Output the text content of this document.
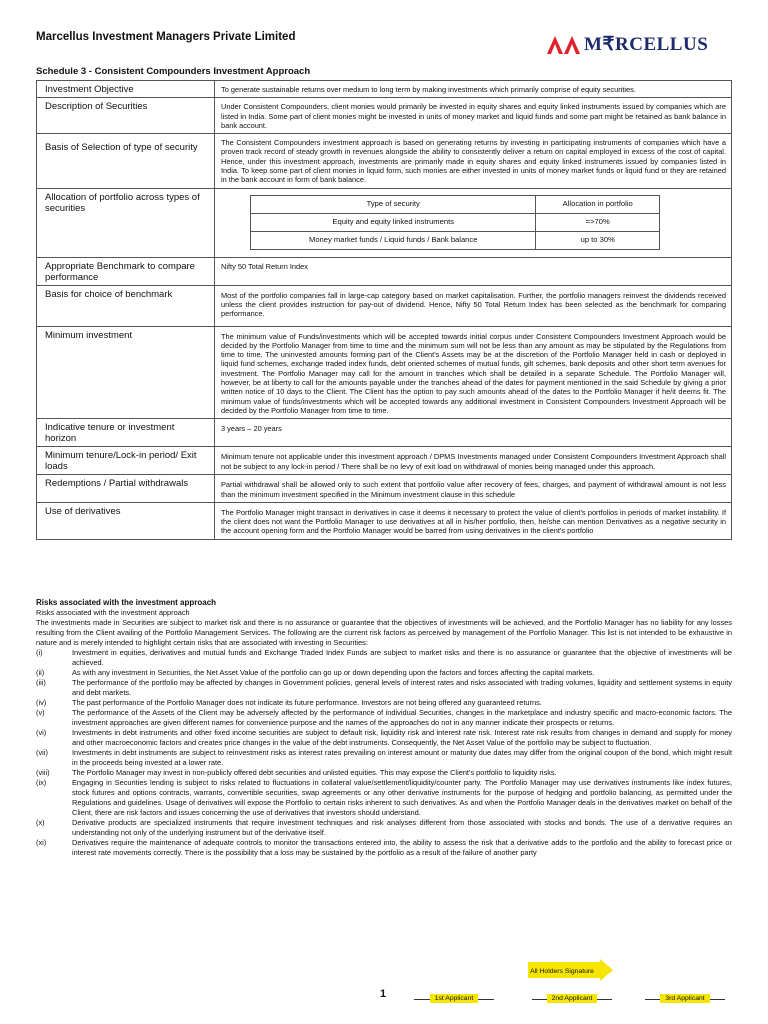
Marcellus Investment Managers Private Limited	M₹RCELLUS
Schedule 3 - Consistent Compounders Investment Approach
Investment Objective	To generate sustainable returns over medium to long term by making investments which primarily comprise of equity securities.
Description of Securities	Under Consistent Compounders, client monies would primarily be invested in equity shares and equity linked instruments issued by companies which are listed in India. Some part of client monies might be invested in units of money market and liquid funds and some part might be retained as bank balance in bank account.
Basis of Selection of type of security	The Consistent Compounders investment approach is based on generating returns by investing in participating instruments of companies which have a proven track record of steady growth in revenues alongside the ability to consistently deliver a return on capital employed in excess of the cost of capital. Hence, under this investment approach, investments are primarily made in equity shares and equity linked instruments issued by companies listed in India. To keep some part of client monies in liquid form, such monies are either invested in units of money market funds or liquid fund or they are retained in the bank account in form of bank balance.
Allocation of portfolio across types of securities		Type of security	Allocation in portfolio
Equity and equity linked instruments	=>70%
Money market funds / Liquid funds / Bank balance	up to 30%

Appropriate Benchmark to compare performance	Nifty 50 Total Return Index
Basis for choice of benchmark	Most of the portfolio companies fall in large-cap category based on market capitalisation. Further, the portfolio managers reinvest the dividends received unless the client provides instruction for pay-out of dividend. Hence, Nifty 50 Total Return Index has been selected as the benchmark for comparing performance.
Minimum investment	The minimum value of Funds/investments which will be accepted towards initial corpus under Consistent Compounders Investment Approach would be decided by the Portfolio Manager from time to time and the minimum sum will not be less than any amount as may be stipulated by the Regulations from time to time. The uninvested amounts forming part of the Client's Assets may be at the discretion of the Portfolio Manager held in cash or deployed in liquid fund schemes, exchange traded index funds, debt oriented schemes of mutual funds, gilt schemes, bank deposits and other short term avenues for investment. The Portfolio Manager may call for the amount in tranches which shall be detailed in a separate Schedule. The Portfolio Manager will, however, be at liberty to call for the amounts payable under the tranches ahead of the dates for payment mentioned in the said Schedule by giving a prior written notice of 10 days to the Client. The Client has the option to pay such amounts ahead of the dates to the Portfolio Manager if he/it deems fit. The minimum value of funds/investments which will be accepted towards any additional investment in Consistent Compounders Investment Approach will be decided by the Portfolio Manager from time to time.
Indicative tenure or investment horizon	3 years – 20 years
Minimum tenure/Lock-in period/ Exit loads	Minimum tenure not applicable under this investment approach / DPMS Investments managed under Consistent Compounders Investment Approach shall not be subject to any lock-in period / There shall be no levy of exit load on withdrawal of monies being managed under this approach.
Redemptions / Partial withdrawals	Partial withdrawal shall be allowed only to such extent that portfolio value after recovery of fees, charges, and payment of withdrawal amount is not less than the minimum investment specified in the Minimum investment clause in this schedule
Use of derivatives	The Portfolio Manager might transact in derivatives in case it deems it necessary to protect the value of client's portfolios in periods of market instability. If the client does not want the Portfolio Manager to use derivatives at all in his/her portfolio, then, he/she can mention Derivatives as a negative security in the account opening form and the Portfolio Manager would be barred from using derivatives in the client's portfolio
Risks associated with the investment approach
Risks associated with the investment approach
The investments made in Securities are subject to market risk and there is no assurance or guarantee that the objectives of investments will be achieved, and the Portfolio Manager has no liability for any losses resulting from the Client availing of the Portfolio Management Services. The following are the current risk factors as perceived by management of the Portfolio Manager. This list is not intended to be exhaustive in nature and is merely intended to highlight certain risks that are associated with investing in Securities:
(i)	Investment in equities, derivatives and mutual funds and Exchange Traded Index Funds are subject to market risks and there is no assurance or guarantee that the objective of investments will be achieved.
(ii)	As with any investment in Securities, the Net Asset Value of the portfolio can go up or down depending upon the factors and forces affecting the capital markets.
(iii)	The performance of the portfolio may be affected by changes in Government policies, general levels of interest rates and risks associated with trading volumes, liquidity and settlement systems in equity and debt markets.
(iv)	The past performance of the Portfolio Manager does not indicate its future performance. Investors are not being offered any guaranteed returns.
(v)	The performance of the Assets of the Client may be adversely affected by the performance of individual Securities, changes in the marketplace and industry specific and macro-economic factors. The investment approaches are given different names for convenience purpose and the names of the approaches do not in any manner indicate their prospects or returns.
(vi)	Investments in debt instruments and other fixed income securities are subject to default risk, liquidity risk and interest rate risk. Interest rate risk results from changes in demand and supply for money and other macroeconomic factors and creates price changes in the value of the debt instruments. Consequently, the Net Asset Value of the portfolio may be subject to fluctuation.
(vii)	Investments in debt instruments are subject to reinvestment risks as interest rates prevailing on interest amount or maturity due dates may differ from the original coupon of the bond, which might result in the proceeds being invested at a lower rate.
(viii)	The Portfolio Manager may invest in non-publicly offered debt securities and unlisted equities. This may expose the Client's portfolio to liquidity risks.
(ix)	Engaging in Securities lending is subject to risks related to fluctuations in collateral value/settlement/liquidity/counter party. The Portfolio Manager may use derivatives instruments like index futures, stock futures and options contracts, warrants, convertible securities, swap agreements or any other derivative instruments for the purpose of hedging and portfolio balancing, as permitted under the Regulations and guidelines. Usage of derivatives will expose the Portfolio to certain risks inherent to such derivatives. As and when the Portfolio Manager deals in the derivatives market on behalf of the Client, there are risk factors and issues concerning the use of derivatives that investors should understand.
(x)	Derivative products are specialized instruments that require investment techniques and risk analyses different from those associated with stocks and bonds. The use of a derivative requires an understanding not only of the underlying instrument but of the derivative itself.
(xi)	Derivatives require the maintenance of adequate controls to monitor the transactions entered into, the ability to assess the risk that a derivative adds to the portfolio and the ability to forecast price or interest rate movements correctly. There is the possibility that a loss may be sustained by the portfolio as a result of the failure of another party
All Holders Signature
1	1st Applicant	2nd Applicant	3rd Applicant
